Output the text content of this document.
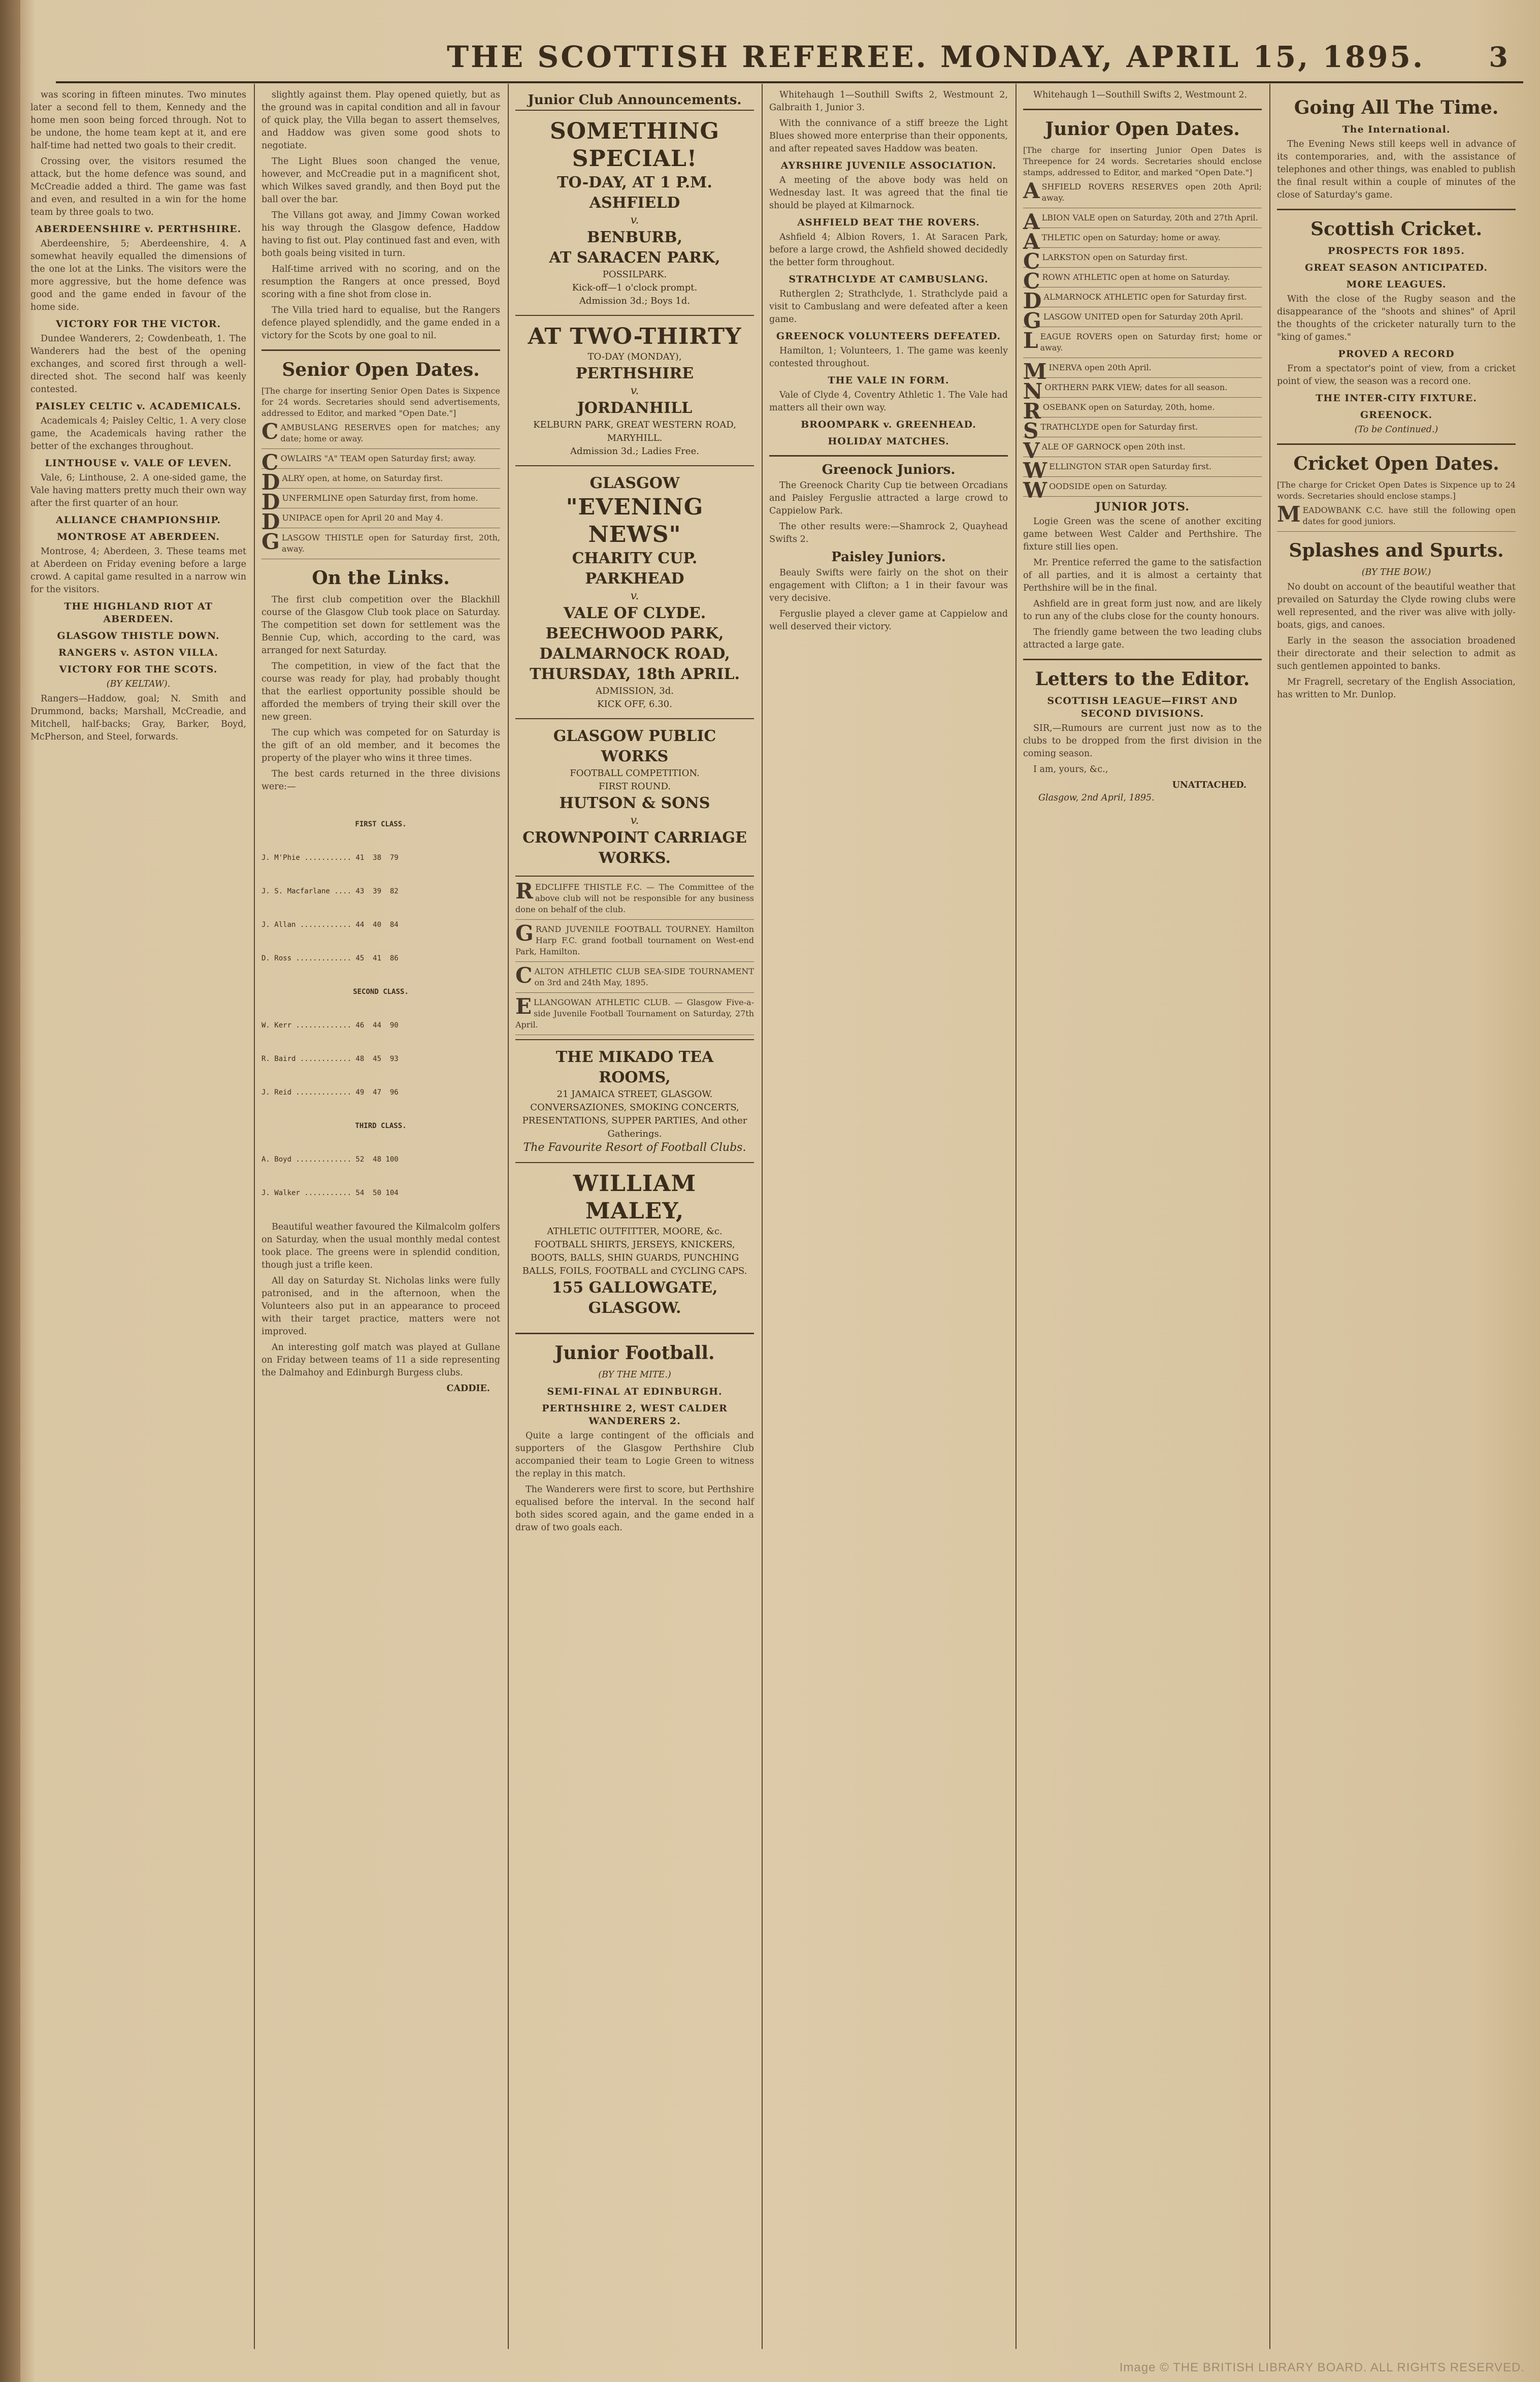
THE SCOTTISH REFEREE. MONDAY, APRIL 15, 1895. 3

was scoring in fifteen minutes. Two minutes later a second fell to them, Kennedy and the home men soon being forced through. Not to be undone, the home team kept at it, and ere half-time had netted two goals to their credit.

Crossing over, the visitors resumed the attack, but the home defence was sound, and McCreadie added a third. The game was fast and even, and resulted in a win for the home team by three goals to two.

ABERDEENSHIRE v. PERTHSHIRE.

Aberdeenshire, 5; Aberdeenshire, 4. A somewhat heavily equalled the dimensions of the one lot at the Links. The visitors were the more aggressive, but the home defence was good and the game ended in favour of the home side.

VICTORY FOR THE VICTOR.

Dundee Wanderers, 2; Cowdenbeath, 1. The Wanderers had the best of the opening exchanges, and scored first through a well-directed shot. The second half was keenly contested.

PAISLEY CELTIC v. ACADEMICALS.

Academicals 4; Paisley Celtic, 1. A very close game, the Academicals having rather the better of the exchanges throughout.

LINTHOUSE v. VALE OF LEVEN.

Vale, 6; Linthouse, 2. A one-sided game, the Vale having matters pretty much their own way after the first quarter of an hour.

ALLIANCE CHAMPIONSHIP.
MONTROSE AT ABERDEEN.

Montrose, 4; Aberdeen, 3. These teams met at Aberdeen on Friday evening before a large crowd. A capital game resulted in a narrow win for the visitors.

THE HIGHLAND RIOT AT ABERDEEN.
GLASGOW THISTLE DOWN.
RANGERS v. ASTON VILLA.
VICTORY FOR THE SCOTS.
(BY KELTAW).

Rangers—Haddow, goal; N. Smith and Drummond, backs; Marshall, McCreadie, and Mitchell, half-backs; Gray, Barker, Boyd, McPherson, and Steel, forwards.

slightly against them. Play opened quietly, but as the ground was in capital condition and all in favour of quick play, the Villa began to assert themselves, and Haddow was given some good shots to negotiate.

The Light Blues soon changed the venue, however, and McCreadie put in a magnificent shot, which Wilkes saved grandly, and then Boyd put the ball over the bar.

The Villans got away, and Jimmy Cowan worked his way through the Glasgow defence, Haddow having to fist out. Play continued fast and even, with both goals being visited in turn.

Half-time arrived with no scoring, and on the resumption the Rangers at once pressed, Boyd scoring with a fine shot from close in.

The Villa tried hard to equalise, but the Rangers defence played splendidly, and the game ended in a victory for the Scots by one goal to nil.

Senior Open Dates.

[The charge for inserting Senior Open Dates is Sixpence for 24 words. Secretaries should send advertisements, addressed to Editor, and marked "Open Date."]

CAMBUSLANG RESERVES open for matches; any date; home or away.

COWLAIRS "A" TEAM open Saturday first; away.

DALRY open, at home, on Saturday first.

DUNFERMLINE open Saturday first, from home.

DUNIPACE open for April 20 and May 4.

GLASGOW THISTLE open for Saturday first, 20th, away.

On the Links.

The first club competition over the Blackhill course of the Glasgow Club took place on Saturday. The competition set down for settlement was the Bennie Cup, which, according to the card, was arranged for next Saturday.

The competition, in view of the fact that the course was ready for play, had probably thought that the earliest opportunity possible should be afforded the members of trying their skill over the new green.

The cup which was competed for on Saturday is the gift of an old member, and it becomes the property of the player who wins it three times.

The best cards returned in the three divisions were:—

FIRST CLASS.

J. M'Phie ........... 41  38  79

J. S. Macfarlane .... 43  39  82

J. Allan ............ 44  40  84

D. Ross ............. 45  41  86

SECOND CLASS.

W. Kerr ............. 46  44  90

R. Baird ............ 48  45  93

J. Reid ............. 49  47  96

THIRD CLASS.

A. Boyd ............. 52  48 100

J. Walker ........... 54  50 104

Beautiful weather favoured the Kilmalcolm golfers on Saturday, when the usual monthly medal contest took place. The greens were in splendid condition, though just a trifle keen.

All day on Saturday St. Nicholas links were fully patronised, and in the afternoon, when the Volunteers also put in an appearance to proceed with their target practice, matters were not improved.

An interesting golf match was played at Gullane on Friday between teams of 11 a side representing the Dalmahoy and Edinburgh Burgess clubs.

CADDIE.
Junior Club Announcements.
SOMETHING SPECIAL!
TO-DAY, AT 1 P.M.
ASHFIELD
v.
BENBURB,
AT SARACEN PARK,
POSSILPARK.
Kick-off—1 o'clock prompt.
Admission 3d.; Boys 1d.
AT TWO-THIRTY
TO-DAY (MONDAY),
PERTHSHIRE
v.
JORDANHILL
KELBURN PARK, GREAT WESTERN ROAD, MARYHILL.
Admission 3d.; Ladies Free.
GLASGOW
"EVENING NEWS"
CHARITY CUP.
PARKHEAD
v.
VALE OF CLYDE.
BEECHWOOD PARK, DALMARNOCK ROAD,
THURSDAY, 18th APRIL.
ADMISSION, 3d.
KICK OFF, 6.30.
GLASGOW PUBLIC WORKS
FOOTBALL COMPETITION.
FIRST ROUND.
HUTSON & SONS
v.
CROWNPOINT CARRIAGE WORKS.

REDCLIFFE THISTLE F.C. — The Committee of the above club will not be responsible for any business done on behalf of the club.

GRAND JUVENILE FOOTBALL TOURNEY. Hamilton Harp F.C. grand football tournament on West-end Park, Hamilton.

CALTON ATHLETIC CLUB SEA-SIDE TOURNAMENT on 3rd and 24th May, 1895.

ELLANGOWAN ATHLETIC CLUB. — Glasgow Five-a-side Juvenile Football Tournament on Saturday, 27th April.

THE MIKADO TEA ROOMS,
21 JAMAICA STREET, GLASGOW.
CONVERSAZIONES, SMOKING CONCERTS, PRESENTATIONS, SUPPER PARTIES, And other Gatherings.
The Favourite Resort of Football Clubs.
WILLIAM MALEY,
ATHLETIC OUTFITTER, MOORE, &c.
FOOTBALL SHIRTS, JERSEYS, KNICKERS, BOOTS, BALLS, SHIN GUARDS, PUNCHING BALLS, FOILS, FOOTBALL and CYCLING CAPS.
155 GALLOWGATE, GLASGOW.
Junior Football.
(BY THE MITE.)
SEMI-FINAL AT EDINBURGH.
PERTHSHIRE 2, WEST CALDER WANDERERS 2.

Quite a large contingent of the officials and supporters of the Glasgow Perthshire Club accompanied their team to Logie Green to witness the replay in this match.

The Wanderers were first to score, but Perthshire equalised before the interval. In the second half both sides scored again, and the game ended in a draw of two goals each.

Whitehaugh 1—Southill Swifts 2, Westmount 2, Galbraith 1, Junior 3.

With the connivance of a stiff breeze the Light Blues showed more enterprise than their opponents, and after repeated saves Haddow was beaten.

AYRSHIRE JUVENILE ASSOCIATION.

A meeting of the above body was held on Wednesday last. It was agreed that the final tie should be played at Kilmarnock.

ASHFIELD BEAT THE ROVERS.

Ashfield 4; Albion Rovers, 1. At Saracen Park, before a large crowd, the Ashfield showed decidedly the better form throughout.

STRATHCLYDE AT CAMBUSLANG.

Rutherglen 2; Strathclyde, 1. Strathclyde paid a visit to Cambuslang and were defeated after a keen game.

GREENOCK VOLUNTEERS DEFEATED.

Hamilton, 1; Volunteers, 1. The game was keenly contested throughout.

THE VALE IN FORM.

Vale of Clyde 4, Coventry Athletic 1. The Vale had matters all their own way.

BROOMPARK v. GREENHEAD.
HOLIDAY MATCHES.
Greenock Juniors.

The Greenock Charity Cup tie between Orcadians and Paisley Ferguslie attracted a large crowd to Cappielow Park.

The other results were:—Shamrock 2, Quayhead Swifts 2.

Paisley Juniors.

Beauly Swifts were fairly on the shot on their engagement with Clifton; a 1 in their favour was very decisive.

Ferguslie played a clever game at Cappielow and well deserved their victory.

Whitehaugh 1—Southill Swifts 2, Westmount 2.

Junior Open Dates.

[The charge for inserting Junior Open Dates is Threepence for 24 words. Secretaries should enclose stamps, addressed to Editor, and marked "Open Date."]

ASHFIELD ROVERS RESERVES open 20th April; away.

ALBION VALE open on Saturday, 20th and 27th April.

ATHLETIC open on Saturday; home or away.

CLARKSTON open on Saturday first.

CROWN ATHLETIC open at home on Saturday.

DALMARNOCK ATHLETIC open for Saturday first.

GLASGOW UNITED open for Saturday 20th April.

LEAGUE ROVERS open on Saturday first; home or away.

MINERVA open 20th April.

NORTHERN PARK VIEW; dates for all season.

ROSEBANK open on Saturday, 20th, home.

STRATHCLYDE open for Saturday first.

VALE OF GARNOCK open 20th inst.

WELLINGTON STAR open Saturday first.

WOODSIDE open on Saturday.

JUNIOR JOTS.

Logie Green was the scene of another exciting game between West Calder and Perthshire. The fixture still lies open.

Mr. Prentice referred the game to the satisfaction of all parties, and it is almost a certainty that Perthshire will be in the final.

Ashfield are in great form just now, and are likely to run any of the clubs close for the county honours.

The friendly game between the two leading clubs attracted a large gate.

Letters to the Editor.
SCOTTISH LEAGUE—FIRST AND SECOND DIVISIONS.

SIR,—Rumours are current just now as to the clubs to be dropped from the first division in the coming season.

I am, yours, &c.,

UNATTACHED.
Glasgow, 2nd April, 1895.
Going All The Time.
The International.

The Evening News still keeps well in advance of its contemporaries, and, with the assistance of telephones and other things, was enabled to publish the final result within a couple of minutes of the close of Saturday's game.

Scottish Cricket.
PROSPECTS FOR 1895.
GREAT SEASON ANTICIPATED.
MORE LEAGUES.

With the close of the Rugby season and the disappearance of the "shoots and shines" of April the thoughts of the cricketer naturally turn to the "king of games."

PROVED A RECORD

From a spectator's point of view, from a cricket point of view, the season was a record one.

THE INTER-CITY FIXTURE.
GREENOCK.
(To be Continued.)
Cricket Open Dates.

[The charge for Cricket Open Dates is Sixpence up to 24 words. Secretaries should enclose stamps.]

MEADOWBANK C.C. have still the following open dates for good juniors.

Splashes and Spurts.
(BY THE BOW.)

No doubt on account of the beautiful weather that prevailed on Saturday the Clyde rowing clubs were well represented, and the river was alive with jolly-boats, gigs, and canoes.

Early in the season the association broadened their directorate and their selection to admit as such gentlemen appointed to banks.

Mr Fragrell, secretary of the English Association, has written to Mr. Dunlop.

Image © THE BRITISH LIBRARY BOARD. ALL RIGHTS RESERVED.
